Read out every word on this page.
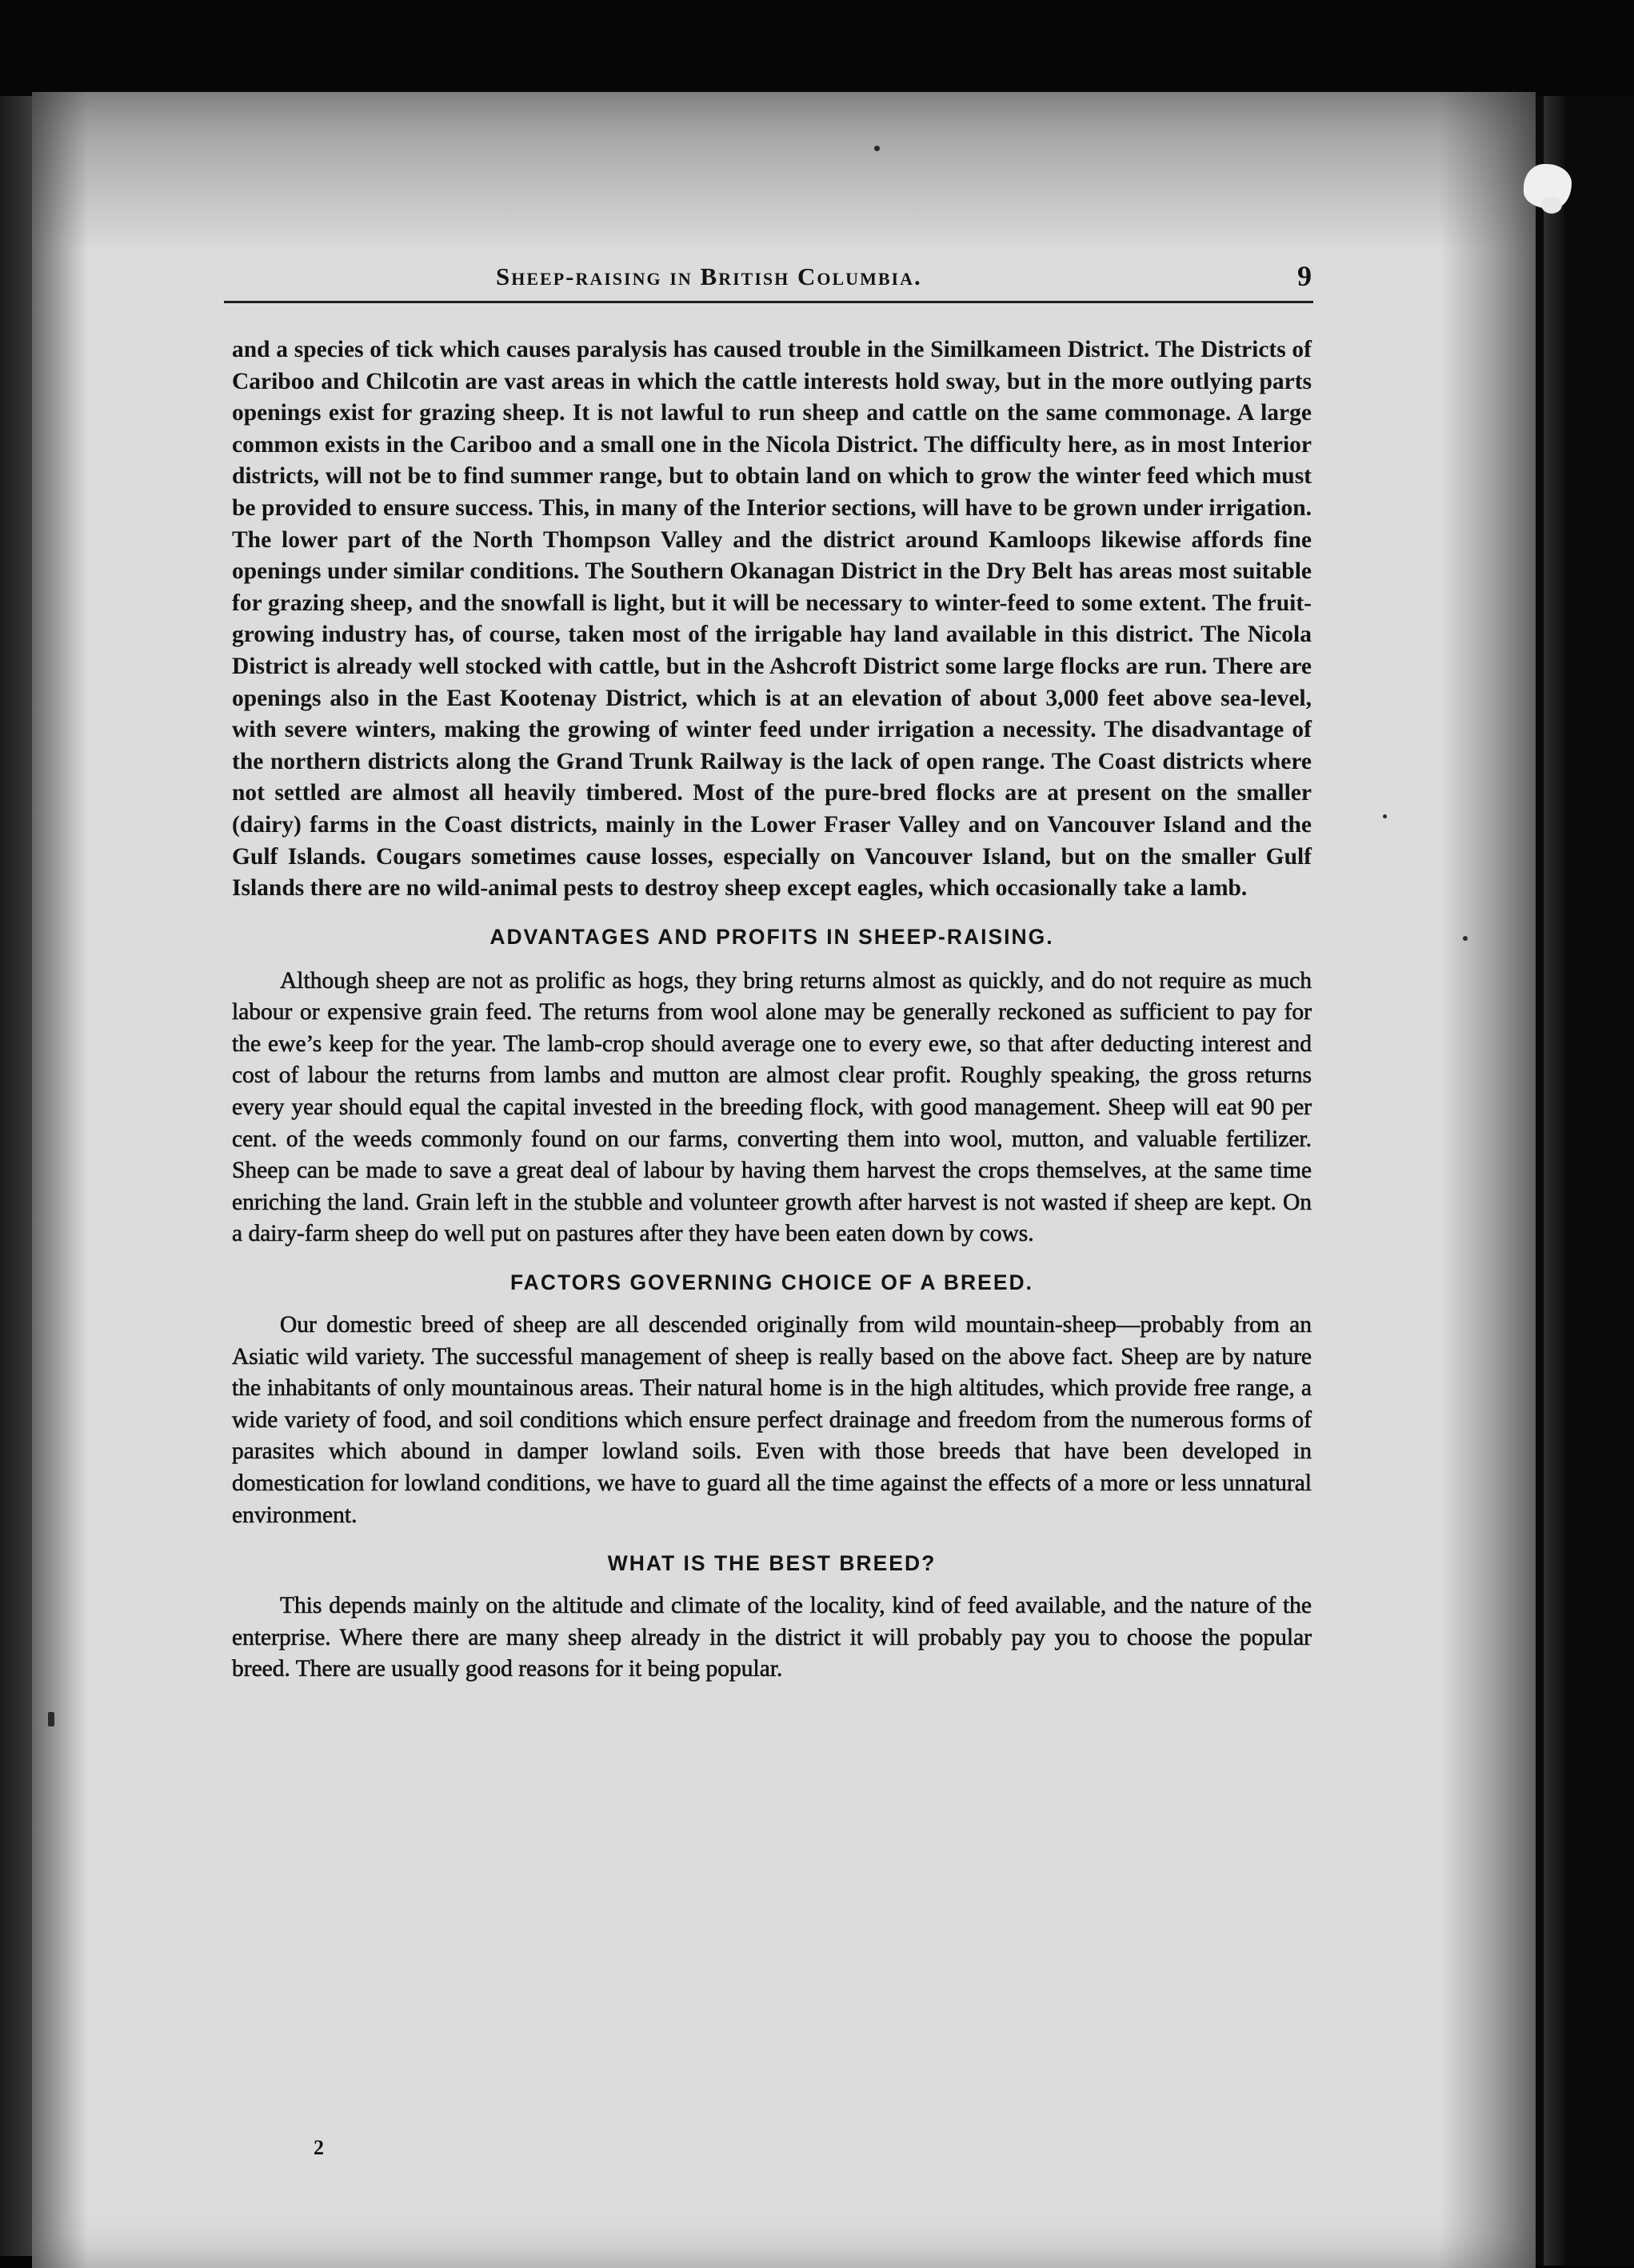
Sheep-raising in British Columbia.	9

and a species of tick which causes paralysis has caused trouble in the Similkameen District. The Districts of Cariboo and Chilcotin are vast areas in which the cattle interests hold sway, but in the more outlying parts openings exist for grazing sheep. It is not lawful to run sheep and cattle on the same commonage. A large common exists in the Cariboo and a small one in the Nicola District. The difficulty here, as in most Interior districts, will not be to find summer range, but to obtain land on which to grow the winter feed which must be provided to ensure success. This, in many of the Interior sections, will have to be grown under irrigation. The lower part of the North Thompson Valley and the district around Kamloops likewise affords fine openings under similar conditions. The Southern Okanagan District in the Dry Belt has areas most suitable for grazing sheep, and the snowfall is light, but it will be necessary to winter-feed to some extent. The fruit-growing industry has, of course, taken most of the irrigable hay land available in this district. The Nicola District is already well stocked with cattle, but in the Ashcroft District some large flocks are run. There are openings also in the East Kootenay District, which is at an elevation of about 3,000 feet above sea-level, with severe winters, making the growing of winter feed under irrigation a necessity. The disadvantage of the northern districts along the Grand Trunk Railway is the lack of open range. The Coast districts where not settled are almost all heavily timbered. Most of the pure-bred flocks are at present on the smaller (dairy) farms in the Coast districts, mainly in the Lower Fraser Valley and on Vancouver Island and the Gulf Islands. Cougars sometimes cause losses, especially on Vancouver Island, but on the smaller Gulf Islands there are no wild-animal pests to destroy sheep except eagles, which occasionally take a lamb.

ADVANTAGES AND PROFITS IN SHEEP-RAISING.

Although sheep are not as prolific as hogs, they bring returns almost as quickly, and do not require as much labour or expensive grain feed. The returns from wool alone may be generally reckoned as sufficient to pay for the ewe’s keep for the year. The lamb-crop should average one to every ewe, so that after deducting interest and cost of labour the returns from lambs and mutton are almost clear profit. Roughly speaking, the gross returns every year should equal the capital invested in the breeding flock, with good management. Sheep will eat 90 per cent. of the weeds commonly found on our farms, converting them into wool, mutton, and valuable fertilizer. Sheep can be made to save a great deal of labour by having them harvest the crops themselves, at the same time enriching the land. Grain left in the stubble and volunteer growth after harvest is not wasted if sheep are kept. On a dairy-farm sheep do well put on pastures after they have been eaten down by cows.

FACTORS GOVERNING CHOICE OF A BREED.

Our domestic breed of sheep are all descended originally from wild mountain-sheep—probably from an Asiatic wild variety. The successful management of sheep is really based on the above fact. Sheep are by nature the inhabitants of only mountainous areas. Their natural home is in the high altitudes, which provide free range, a wide variety of food, and soil conditions which ensure perfect drainage and freedom from the numerous forms of parasites which abound in damper lowland soils. Even with those breeds that have been developed in domestication for lowland conditions, we have to guard all the time against the effects of a more or less unnatural environment.

WHAT IS THE BEST BREED?

This depends mainly on the altitude and climate of the locality, kind of feed available, and the nature of the enterprise. Where there are many sheep already in the district it will probably pay you to choose the popular breed. There are usually good reasons for it being popular.

2
